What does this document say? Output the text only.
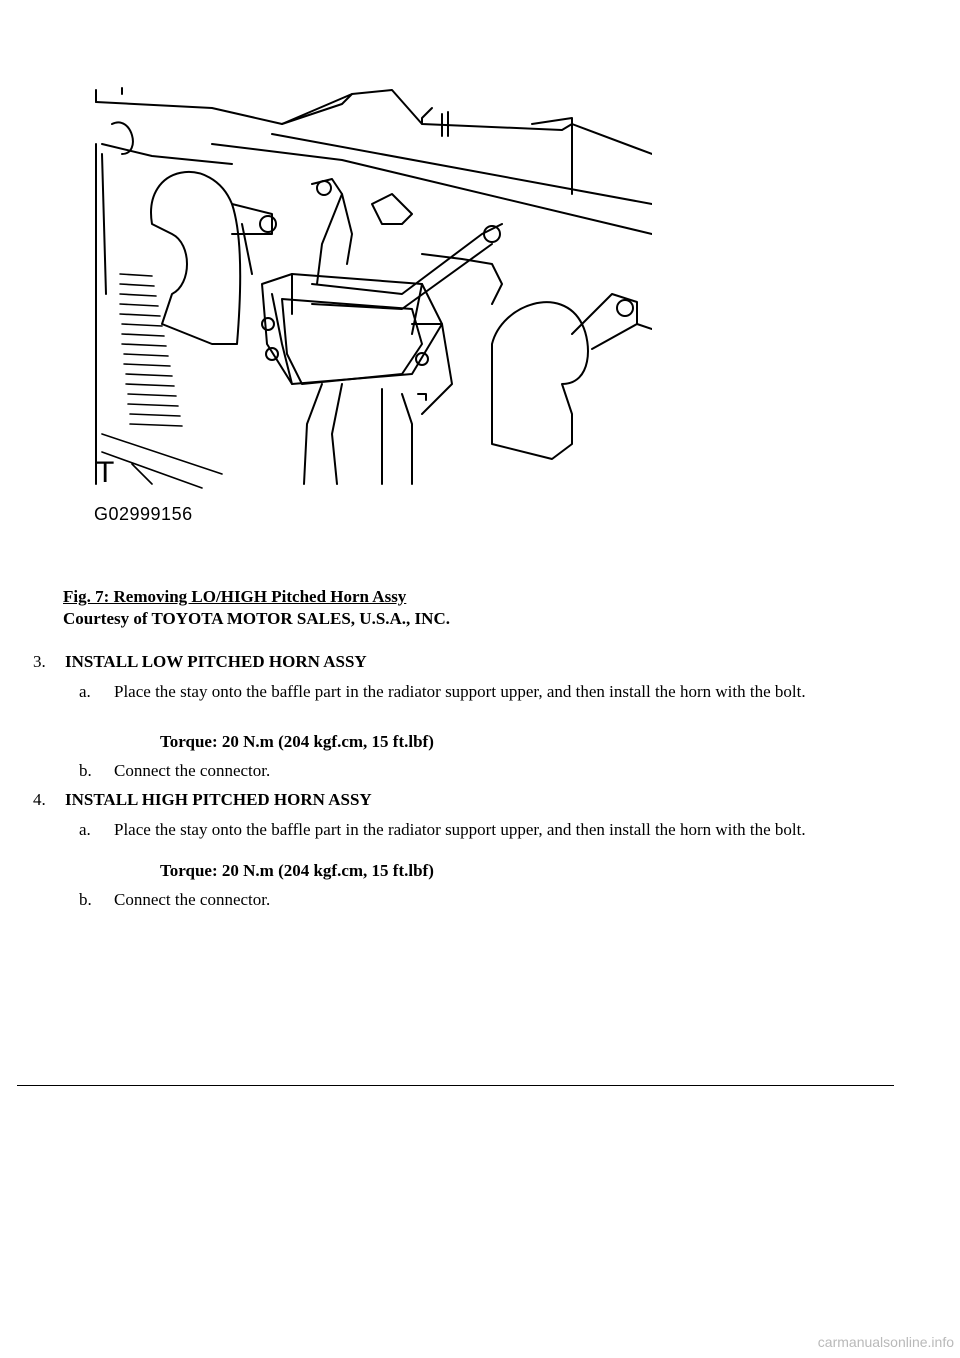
T
G02999156
Fig. 7: Removing LO/HIGH Pitched Horn Assy
Courtesy of TOYOTA MOTOR SALES, U.S.A., INC.
3. INSTALL LOW PITCHED HORN ASSY
a.	Place the stay onto the baffle part in the radiator support upper, and then install the horn with the bolt.
Torque: 20 N.m (204 kgf.cm, 15 ft.lbf)
b.	Connect the connector.
4. INSTALL HIGH PITCHED HORN ASSY
a.	Place the stay onto the baffle part in the radiator support upper, and then install the horn with the bolt.
Torque: 20 N.m (204 kgf.cm, 15 ft.lbf)
b.	Connect the connector.
carmanualsonline.info
